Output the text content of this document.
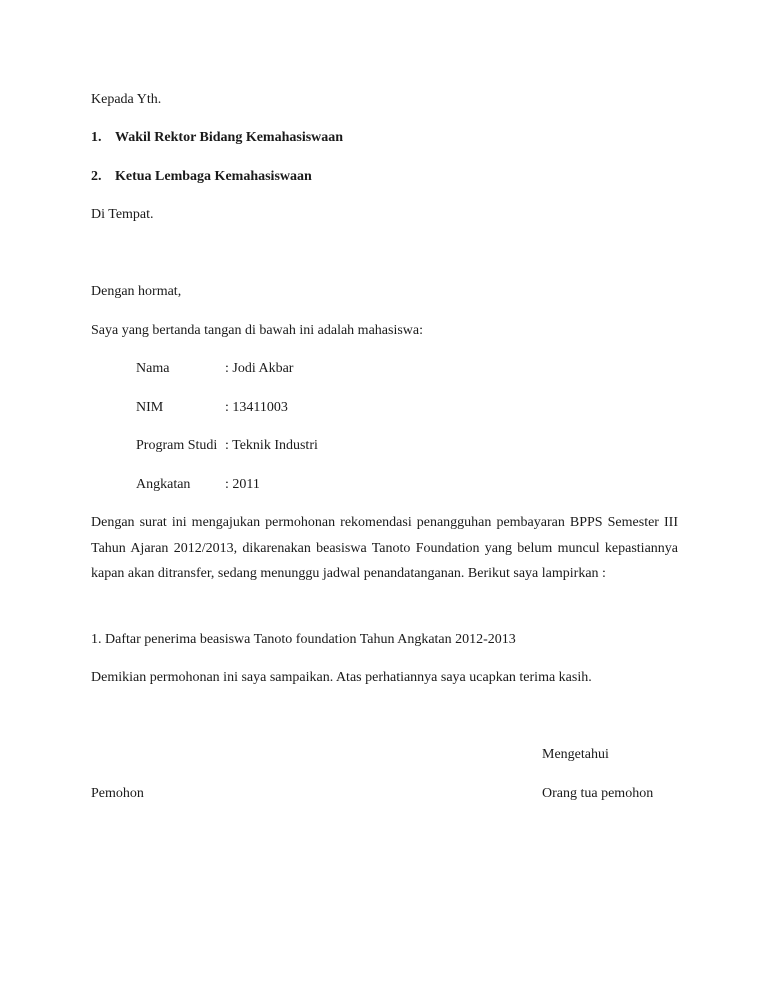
Kepada Yth.
1. Wakil Rektor Bidang Kemahasiswaan
2. Ketua Lembaga Kemahasiswaan
Di Tempat.
Dengan hormat,
Saya yang bertanda tangan di bawah ini adalah mahasiswa:
Nama	: Jodi Akbar
NIM	: 13411003
Program Studi : Teknik Industri
Angkatan : 2011
Dengan surat ini mengajukan permohonan rekomendasi penangguhan pembayaran BPPS Semester III Tahun Ajaran 2012/2013, dikarenakan beasiswa Tanoto Foundation yang belum muncul kepastiannya kapan akan ditransfer, sedang menunggu jadwal penandatanganan. Berikut saya lampirkan :
1. Daftar penerima beasiswa Tanoto foundation Tahun Angkatan 2012-2013
Demikian permohonan ini saya sampaikan. Atas perhatiannya saya ucapkan terima kasih.
Mengetahui
Pemohon	Orang tua pemohon
